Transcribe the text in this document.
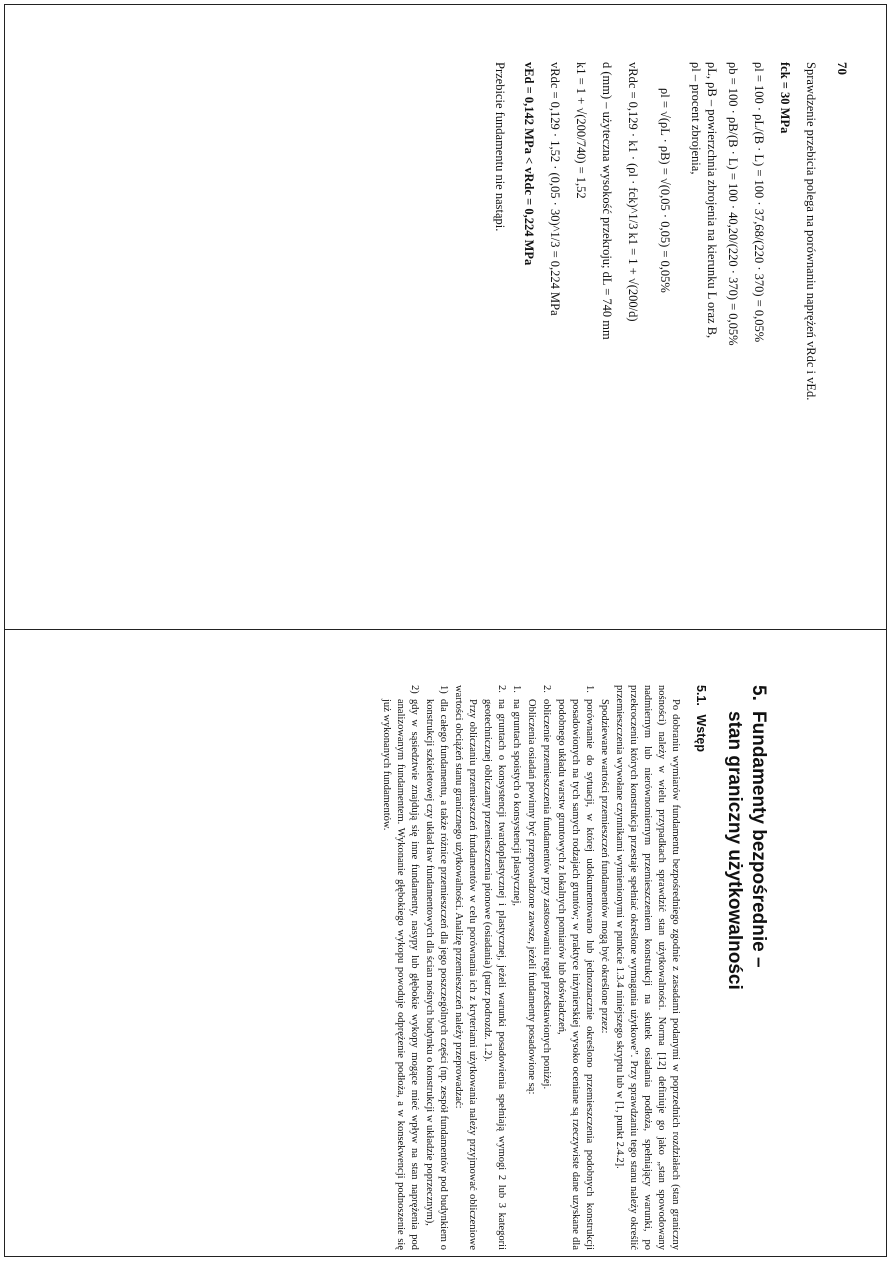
70
Sprawdzenie przebicia polega na porównaniu naprężeń vRdc i vEd.
fck = 30 MPa
ρl = 100 · ρL/(B · L) = 100 · 37,68/(220 · 370) = 0,05%
ρb = 100 · ρB/(B · L) = 100 · 40,20/(220 · 370) = 0,05%
ρL, ρB – powierzchnia zbrojenia na kierunku L oraz B,
ρl – procent zbrojenia,
ρl = √(ρL · ρB) = √(0,05 · 0,05) = 0,05%
vRdc = 0,129 · k1 · (ρl · fck)^1/3 k1 = 1 + √(200/d)
d (mm) – użyteczna wysokość przekroju; dL = 740 mm
k1 = 1 + √(200/740) = 1,52
vRdc = 0,129 · 1,52 · (0,05 · 30)^1/3 = 0,224 MPa
vEd = 0,142 MPa < vRdc = 0,224 MPa
Przebicie fundamentu nie nastąpi.
5.
Fundamenty bezpośrednie –
stan graniczny użytkowalności
5.1. Wstęp

Po dobraniu wymiarów fundamentu bezpośredniego zgodnie z zasadami podanymi w poprzednich rozdziałach (stan graniczny nośności) należy w wielu przypadkach sprawdzić stan użytkowalności. Norma [12] definiuje go jako „stan spowodowany nadmiernym lub nierównomiernym przemieszczeniem konstrukcji na skutek osiadania podłoża, spełniający warunki, po przekroczeniu których konstrukcja przestaje spełniać określone wymagania użytkowe”. Przy sprawdzaniu tego stanu należy określić przemieszczenia wywołane czynnikami wymienionymi w punkcie 1.3.4 niniejszego skryptu lub w [1, punkt 2.4.2].

Spodziewane wartości przemieszczeń fundamentów mogą być określone przez:

1.
porównanie do sytuacji, w której udokumentowano lub jednoznacznie określono przemieszczenia podobnych konstrukcji posadowionych na tych samych rodzajach gruntów; w praktyce inżynierskiej wysoko oceniane są rzeczywiste dane uzyskane dla podobnego układu warstw gruntowych z lokalnych pomiarów lub doświadczeń,
2.
obliczenie przemieszczenia fundamentów przy zastosowaniu reguł przedstawionych poniżej.

Obliczenia osiadań powinny być przeprowadzone zawsze, jeżeli fundamenty posadowione są:

1.
na gruntach spoistych o konsystencji plastycznej,
2.
na gruntach o konsystencji twardoplastycznej i plastycznej, jeżeli warunki posadowienia spełniają wymogi 2 lub 3 kategorii geotechnicznej obliczamy przemieszczenia pionowe (osiadania) (patrz podrozdz. 1.2).

Przy obliczaniu przemieszczeń fundamentów w celu porównania ich z kryteriami użytkowania należy przyjmować obliczeniowe wartości obciążeń stanu granicznego użytkowalności. Analizę przemieszczeń należy przeprowadzać:

1)
dla całego fundamentu, a także różnice przemieszczeń dla jego poszczególnych części (np. zespół fundamentów pod budynkiem o konstrukcji szkieletowej czy układ ław fundamentowych dla ścian nośnych budynku o konstrukcji w układzie poprzecznym),
2)
gdy w sąsiedztwie znajdują się inne fundamenty, nasypy lub głębokie wykopy mogące mieć wpływ na stan naprężenia pod analizowanym fundamentem. Wykonanie głębokiego wykopu powoduje odprężenie podłoża, a w konsekwencji podnoszenie się już wykonanych fundamentów.
